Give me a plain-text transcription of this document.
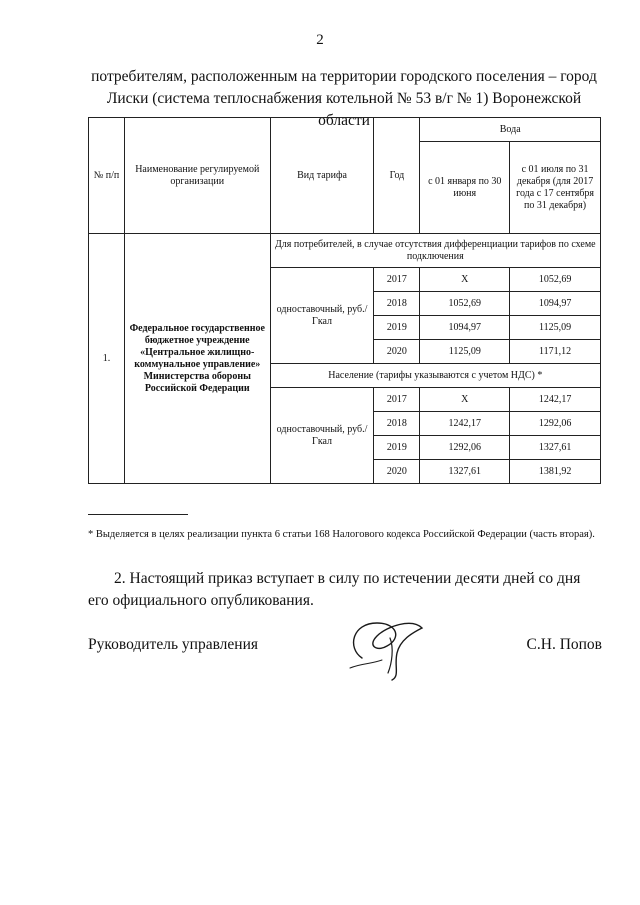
2
потребителям, расположенным на территории городского поселения – город Лиски (система теплоснабжения котельной № 53 в/г № 1) Воронежской области
№ п/п	Наименование регулируемой организации	Вид тарифа	Год	Вода	
				с 01 января по 30 июня	с 01 июля по 31 декабря (для 2017 года с 17 сентября по 31 декабря)
1.	Федеральное государственное бюджетное учреждение «Центральное жилищно-коммунальное управление» Министерства обороны Российской Федерации	Для потребителей, в случае отсутствия дифференциации тарифов по схеме подключения			
		одноставочный, руб./Гкал	2017	X	1052,69
			2018	1052,69	1094,97
			2019	1094,97	1125,09
			2020	1125,09	1171,12
		Население (тарифы указываются с учетом НДС) *			
		одноставочный, руб./Гкал	2017	X	1242,17
			2018	1242,17	1292,06
			2019	1292,06	1327,61
			2020	1327,61	1381,92
* Выделяется в целях реализации пункта 6 статьи 168 Налогового кодекса Российской Федерации (часть вторая).
2. Настоящий приказ вступает в силу по истечении десяти дней со дня его официального опубликования.
Руководитель управления	С.Н. Попов
